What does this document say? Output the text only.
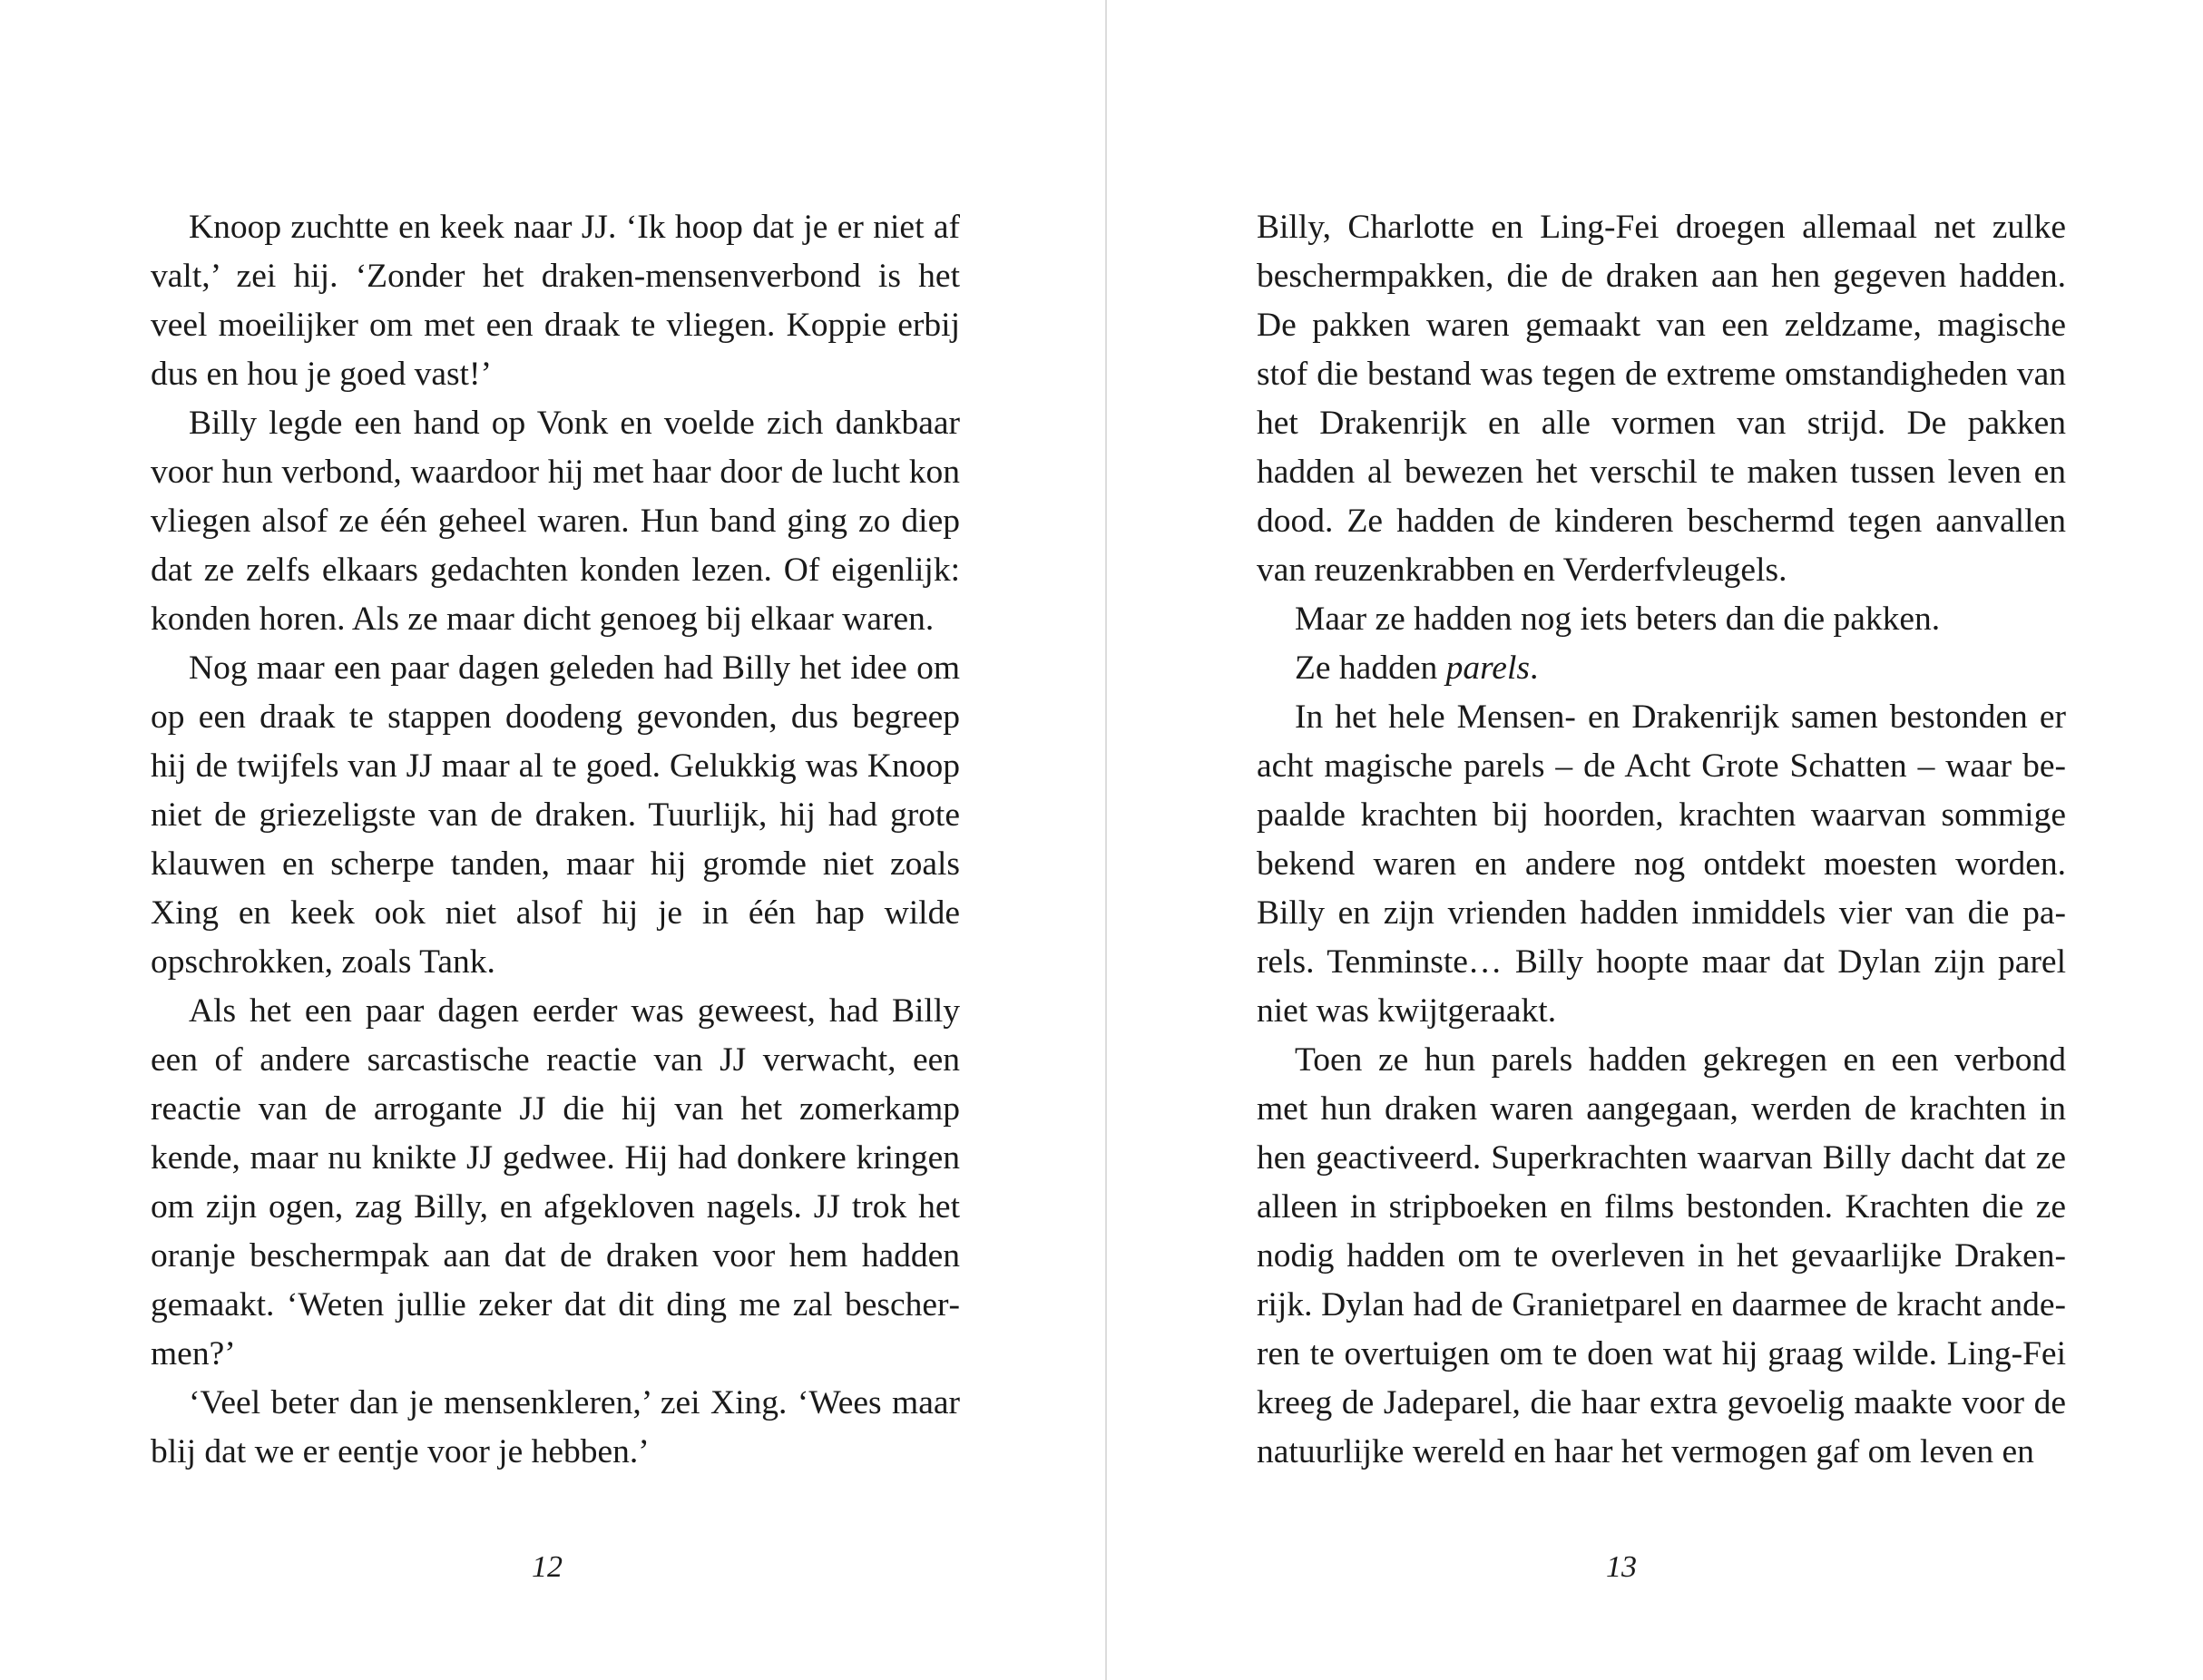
Knoop zuchtte en keek naar JJ. ‘Ik hoop dat je er niet af valt,’ zei hij. ‘Zonder het draken-mensenverbond is het veel moeilijker om met een draak te vliegen. Koppie erbij dus en hou je goed vast!’

Billy legde een hand op Vonk en voelde zich dankbaar voor hun verbond, waardoor hij met haar door de lucht kon vliegen alsof ze één geheel waren. Hun band ging zo diep dat ze zelfs elkaars gedachten konden lezen. Of eigenlijk: konden horen. Als ze maar dicht genoeg bij elkaar waren.

Nog maar een paar dagen geleden had Billy het idee om op een draak te stappen doodeng gevonden, dus begreep hij de twijfels van JJ maar al te goed. Gelukkig was Knoop niet de griezeligste van de draken. Tuurlijk, hij had grote klauwen en scherpe tanden, maar hij gromde niet zoals Xing en keek ook niet alsof hij je in één hap wilde opschrokken, zoals Tank.

Als het een paar dagen eerder was geweest, had Billy een of andere sarcastische reactie van JJ verwacht, een reactie van de arrogante JJ die hij van het zomerkamp kende, maar nu knikte JJ gedwee. Hij had donkere kringen om zijn ogen, zag Billy, en afgekloven nagels. JJ trok het oranje beschermpak aan dat de draken voor hem hadden gemaakt. ‘Weten jullie zeker dat dit ding me zal beschermen?’

‘Veel beter dan je mensenkleren,’ zei Xing. ‘Wees maar blij dat we er eentje voor je hebben.’

12

Billy, Charlotte en Ling-Fei droegen allemaal net zulke beschermpakken, die de draken aan hen gegeven hadden. De pakken waren gemaakt van een zeldzame, magische stof die bestand was tegen de extreme omstandigheden van het Drakenrijk en alle vormen van strijd. De pakken hadden al bewezen het verschil te maken tussen leven en dood. Ze hadden de kinderen beschermd tegen aanvallen van reuzenkrabben en Verderfvleugels.

Maar ze hadden nog iets beters dan die pakken.

Ze hadden parels.

In het hele Mensen- en Drakenrijk samen bestonden er acht magische parels – de Acht Grote Schatten – waar bepaalde krachten bij hoorden, krachten waarvan sommige bekend waren en andere nog ontdekt moesten worden. Billy en zijn vrienden hadden inmiddels vier van die parels. Tenminste… Billy hoopte maar dat Dylan zijn parel niet was kwijtgeraakt.

Toen ze hun parels hadden gekregen en een verbond met hun draken waren aangegaan, werden de krachten in hen geactiveerd. Superkrachten waarvan Billy dacht dat ze alleen in stripboeken en films bestonden. Krachten die ze nodig hadden om te overleven in het gevaarlijke Drakenrijk. Dylan had de Granietparel en daarmee de kracht anderen te overtuigen om te doen wat hij graag wilde. Ling-Fei kreeg de Jadeparel, die haar extra gevoelig maakte voor de natuurlijke wereld en haar het vermogen gaf om leven en

13
